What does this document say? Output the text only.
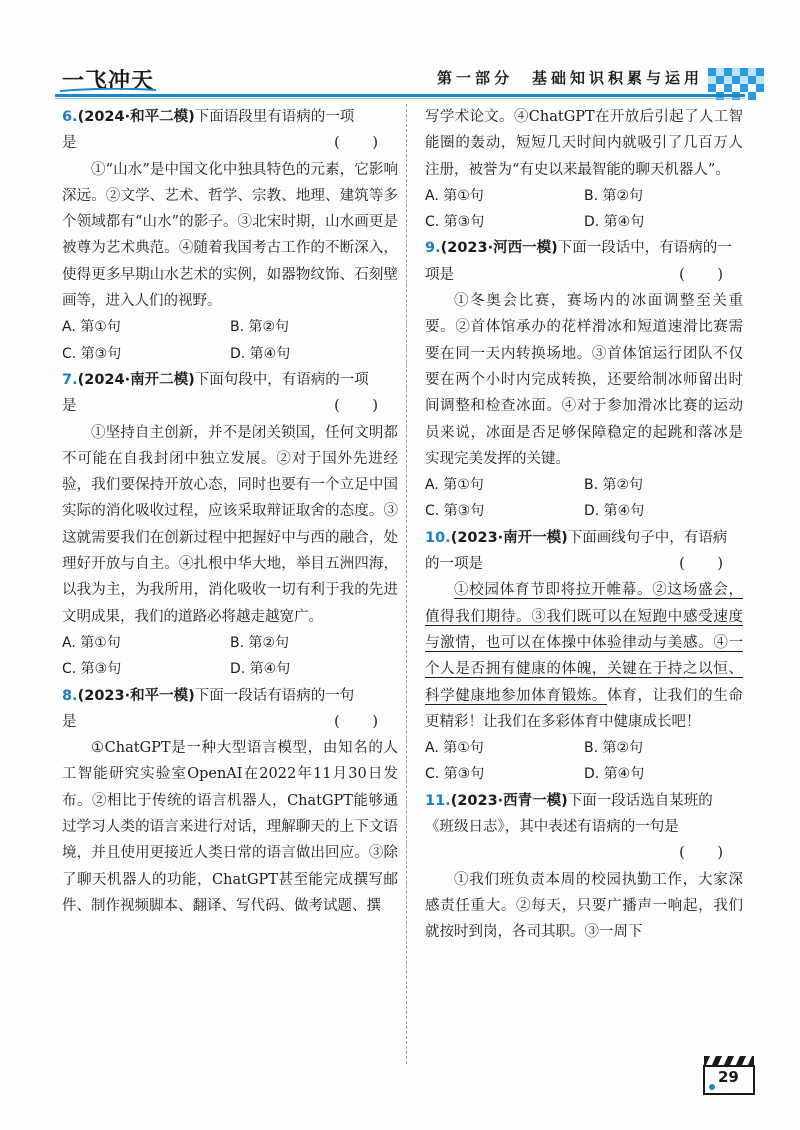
一飞冲天	第一部分　基础知识积累与运用

6.(2024·和平二模)下面语段里有语病的一项

是	( )

①“山水”是中国文化中独具特色的元素，它影响深远。②文学、艺术、哲学、宗教、地理、建筑等多个领域都有“山水”的影子。③北宋时期，山水画更是被尊为艺术典范。④随着我国考古工作的不断深入，使得更多早期山水艺术的实例，如器物纹饰、石刻壁画等，进入人们的视野。

A. 第①句	B. 第②句
C. 第③句	D. 第④句

7.(2024·南开二模)下面句段中，有语病的一项

是	( )

①坚持自主创新，并不是闭关锁国，任何文明都不可能在自我封闭中独立发展。②对于国外先进经验，我们要保持开放心态，同时也要有一个立足中国实际的消化吸收过程，应该采取辩证取舍的态度。③这就需要我们在创新过程中把握好中与西的融合，处理好开放与自主。④扎根中华大地，举目五洲四海，以我为主，为我所用，消化吸收一切有利于我的先进文明成果，我们的道路必将越走越宽广。

A. 第①句	B. 第②句
C. 第③句	D. 第④句

8.(2023·和平一模)下面一段话有语病的一句

是	( )

①ChatGPT是一种大型语言模型，由知名的人工智能研究实验室OpenAI在2022年11月30日发布。②相比于传统的语言机器人，ChatGPT能够通过学习人类的语言来进行对话，理解聊天的上下文语境，并且使用更接近人类日常的语言做出回应。③除了聊天机器人的功能，ChatGPT甚至能完成撰写邮件、制作视频脚本、翻译、写代码、做考试题、撰

写学术论文。④ChatGPT在开放后引起了人工智能圈的轰动，短短几天时间内就吸引了几百万人注册，被誉为“有史以来最智能的聊天机器人”。

A. 第①句	B. 第②句
C. 第③句	D. 第④句

9.(2023·河西一模)下面一段话中，有语病的一

项是	( )

①冬奥会比赛，赛场内的冰面调整至关重要。②首体馆承办的花样滑冰和短道速滑比赛需要在同一天内转换场地。③首体馆运行团队不仅要在两个小时内完成转换，还要给制冰师留出时间调整和检查冰面。④对于参加滑冰比赛的运动员来说，冰面是否足够保障稳定的起跳和落冰是实现完美发挥的关键。

A. 第①句	B. 第②句
C. 第③句	D. 第④句

10.(2023·南开一模)下面画线句子中，有语病

的一项是	( )

①校园体育节即将拉开帷幕。②这场盛会，值得我们期待。③我们既可以在短跑中感受速度与激情，也可以在体操中体验律动与美感。④一个人是否拥有健康的体魄，关键在于持之以恒、科学健康地参加体育锻炼。体育，让我们的生命更精彩！让我们在多彩体育中健康成长吧！

A. 第①句	B. 第②句
C. 第③句	D. 第④句

11.(2023·西青一模)下面一段话选自某班的

《班级日志》，其中表述有语病的一句是

( )

①我们班负责本周的校园执勤工作，大家深感责任重大。②每天，只要广播声一响起，我们就按时到岗，各司其职。③一周下

29
